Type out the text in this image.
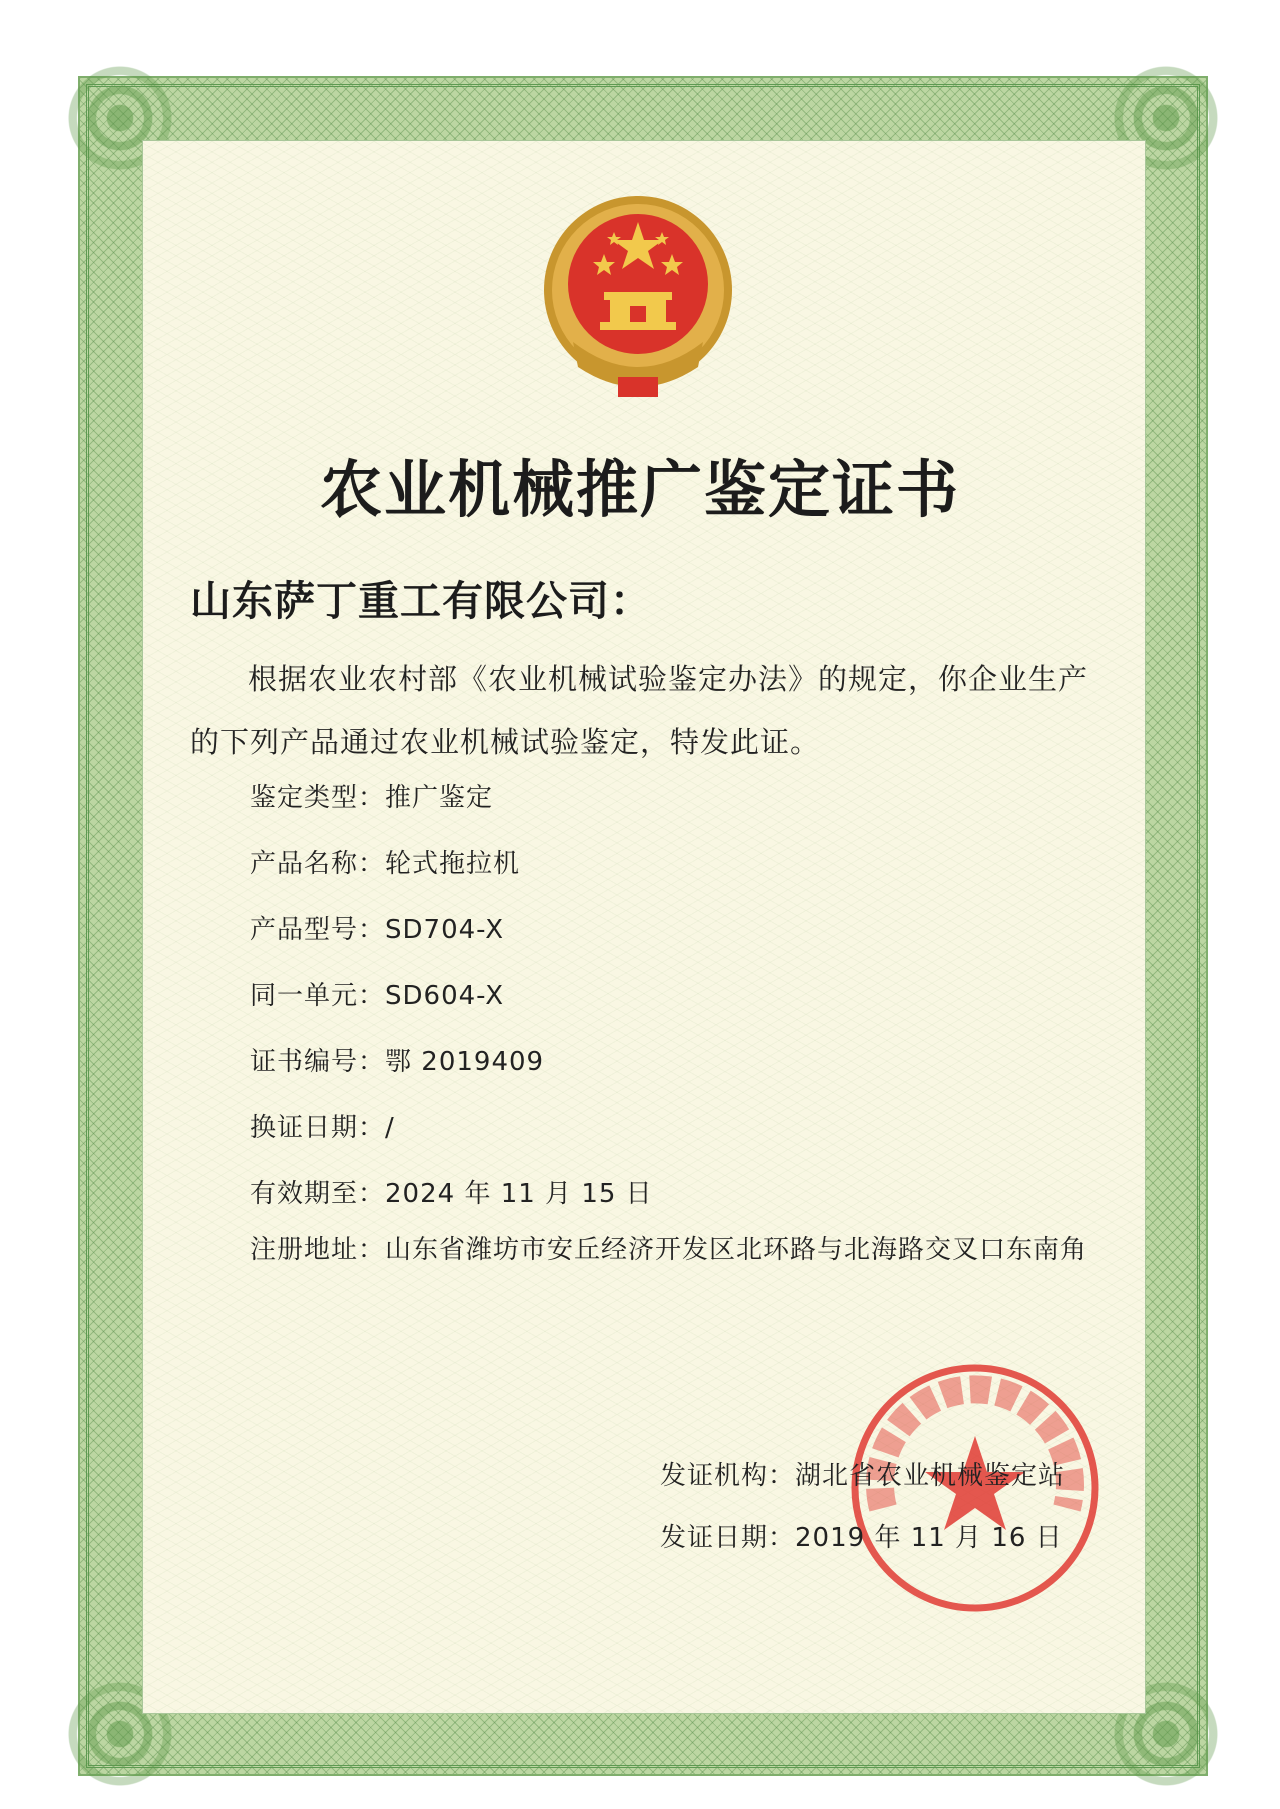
农业机械推广鉴定证书
山东萨丁重工有限公司：
根据农业农村部《农业机械试验鉴定办法》的规定，你企业生产的下列产品通过农业机械试验鉴定，特发此证。
鉴定类型： 推广鉴定
产品名称： 轮式拖拉机
产品型号： SD704-X
同一单元： SD604-X
证书编号： 鄂 2019409
换证日期： /
有效期至： 2024 年 11 月 15 日
注册地址：山东省潍坊市安丘经济开发区北环路与北海路交叉口东南角
发证机构：湖北省农业机械鉴定站
发证日期：2019 年 11 月 16 日
